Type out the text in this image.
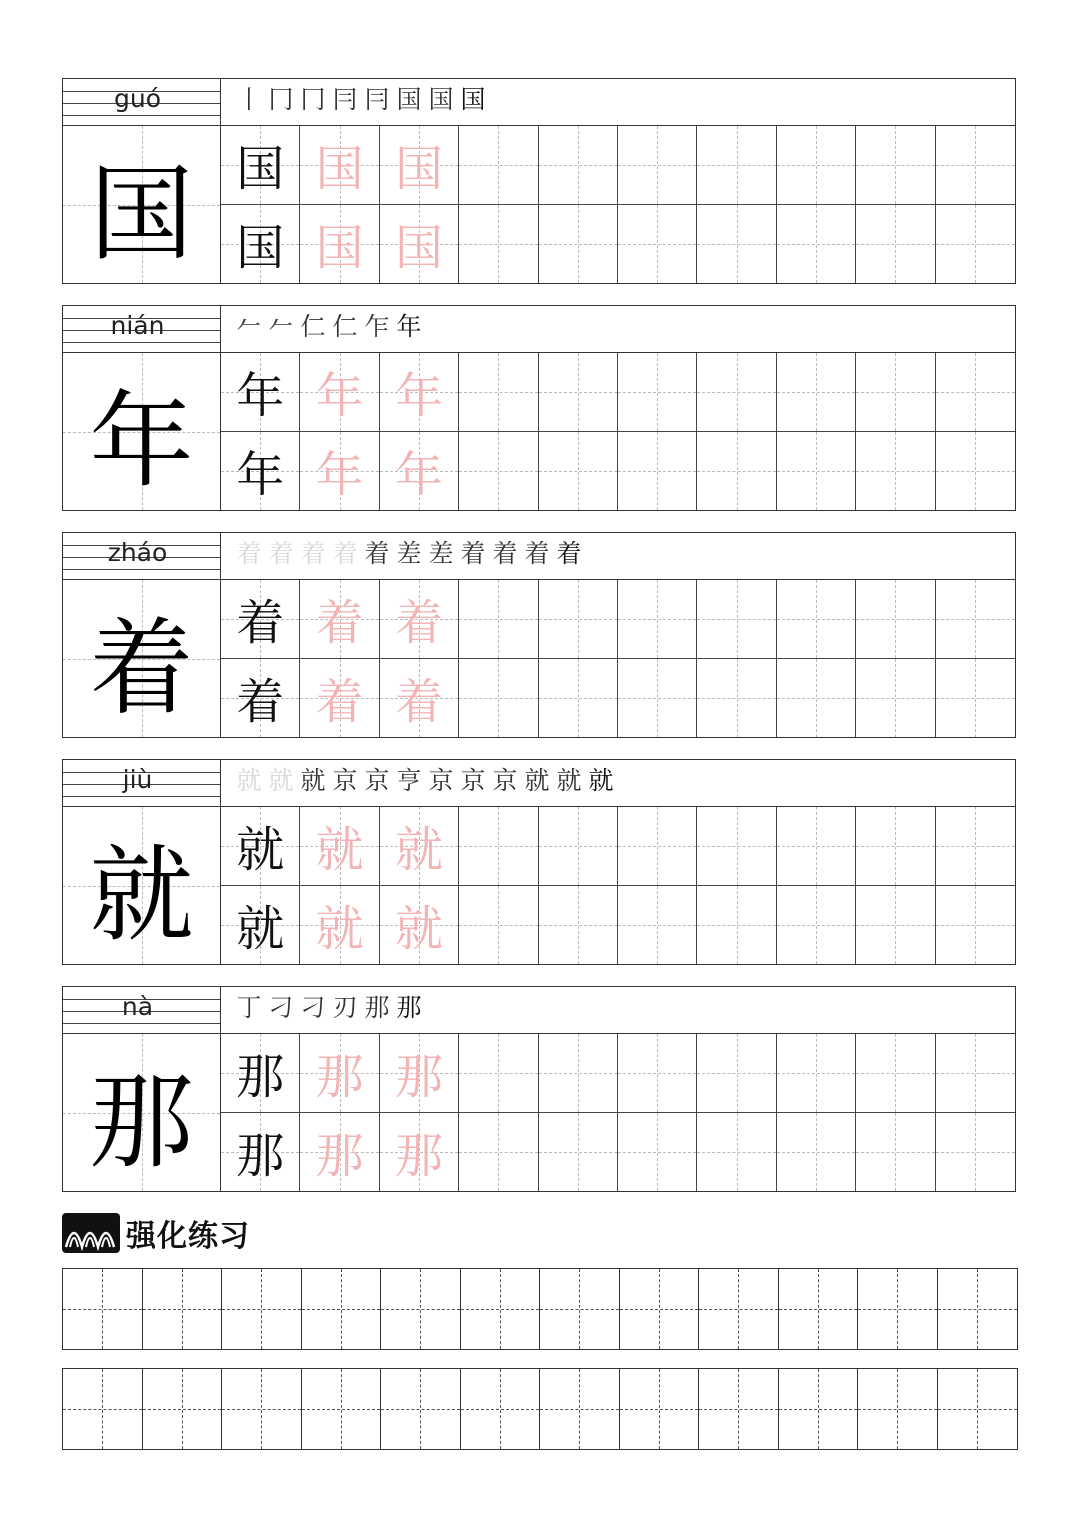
guó	丨 冂 冂 冃 冃 国 国 国
国 国 国 国
国 国 国
nián	𠂉 𠂉 仁 仁 乍 年
年 年 年 年
年 年 年
zháo	着 着 着 着 着 差 差 着 着 着 着
着 着 着 着
着 着 着
jiù	就 就 就 京 京 亨 京 京 京 就 就 就
就 就 就 就
就 就 就
nà	丁 刁 刁 刃 那 那
那 那 那 那
那 那 那
强化练习
